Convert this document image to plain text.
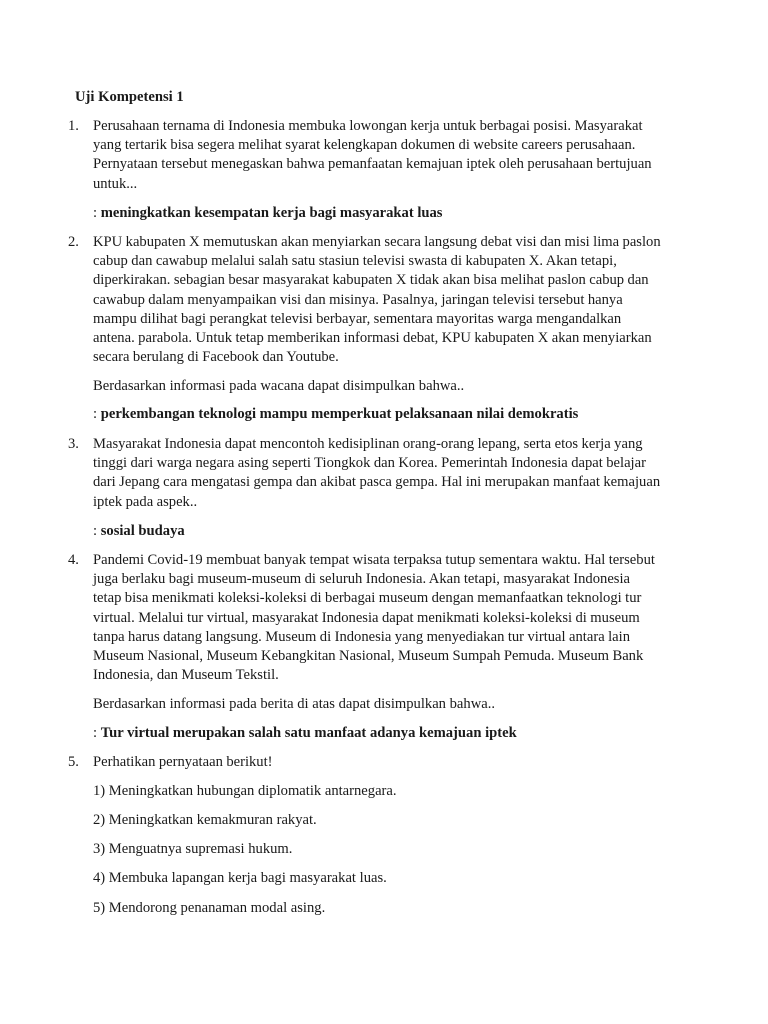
Uji Kompetensi 1
1. Perusahaan ternama di Indonesia membuka lowongan kerja untuk berbagai posisi. Masyarakat
yang tertarik bisa segera melihat syarat kelengkapan dokumen di website careers perusahaan.
Pernyataan tersebut menegaskan bahwa pemanfaatan kemajuan iptek oleh perusahaan bertujuan
untuk...
: meningkatkan kesempatan kerja bagi masyarakat luas
2. KPU kabupaten X memutuskan akan menyiarkan secara langsung debat visi dan misi lima paslon
cabup dan cawabup melalui salah satu stasiun televisi swasta di kabupaten X. Akan tetapi,
diperkirakan. sebagian besar masyarakat kabupaten X tidak akan bisa melihat paslon cabup dan
cawabup dalam menyampaikan visi dan misinya. Pasalnya, jaringan televisi tersebut hanya
mampu dilihat bagi perangkat televisi berbayar, sementara mayoritas warga mengandalkan
antena. parabola. Untuk tetap memberikan informasi debat, KPU kabupaten X akan menyiarkan
secara berulang di Facebook dan Youtube.
Berdasarkan informasi pada wacana dapat disimpulkan bahwa..
: perkembangan teknologi mampu memperkuat pelaksanaan nilai demokratis
3. Masyarakat Indonesia dapat mencontoh kedisiplinan orang-orang lepang, serta etos kerja yang
tinggi dari warga negara asing seperti Tiongkok dan Korea. Pemerintah Indonesia dapat belajar
dari Jepang cara mengatasi gempa dan akibat pasca gempa. Hal ini merupakan manfaat kemajuan
iptek pada aspek..
: sosial budaya
4. Pandemi Covid-19 membuat banyak tempat wisata terpaksa tutup sementara waktu. Hal tersebut
juga berlaku bagi museum-museum di seluruh Indonesia. Akan tetapi, masyarakat Indonesia
tetap bisa menikmati koleksi-koleksi di berbagai museum dengan memanfaatkan teknologi tur
virtual. Melalui tur virtual, masyarakat Indonesia dapat menikmati koleksi-koleksi di museum
tanpa harus datang langsung. Museum di Indonesia yang menyediakan tur virtual antara lain
Museum Nasional, Museum Kebangkitan Nasional, Museum Sumpah Pemuda. Museum Bank
Indonesia, dan Museum Tekstil.
Berdasarkan informasi pada berita di atas dapat disimpulkan bahwa..
: Tur virtual merupakan salah satu manfaat adanya kemajuan iptek
5. Perhatikan pernyataan berikut!
1) Meningkatkan hubungan diplomatik antarnegara.
2) Meningkatkan kemakmuran rakyat.
3) Menguatnya supremasi hukum.
4) Membuka lapangan kerja bagi masyarakat luas.
5) Mendorong penanaman modal asing.
